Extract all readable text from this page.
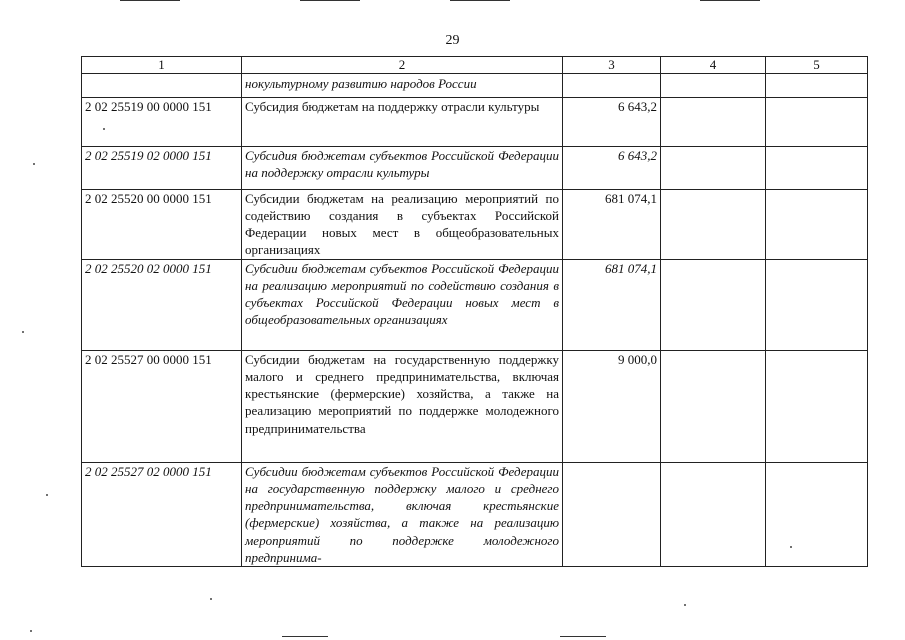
29
1	2	3	4	5
	нокультурному развитию народов России			
2 02 25519 00 0000 151	Субсидия бюджетам на поддержку отрасли культуры	6 643,2		
2 02 25519 02 0000 151	Субсидия бюджетам субъектов Российской Федерации на поддержку отрасли культуры	6 643,2		
2 02 25520 00 0000 151	Субсидии бюджетам на реализацию мероприятий по содействию создания в субъектах Российской Федерации новых мест в общеобразовательных организациях	681 074,1		
2 02 25520 02 0000 151	Субсидии бюджетам субъектов Российской Федерации на реализацию мероприятий по содействию создания в субъектах Российской Федерации новых мест в общеобразовательных организациях	681 074,1		
2 02 25527 00 0000 151	Субсидии бюджетам на государственную поддержку малого и среднего предпринимательства, включая крестьянские (фермерские) хозяйства, а также на реализацию мероприятий по поддержке молодежного предпринимательства	9 000,0		
2 02 25527 02 0000 151	Субсидии бюджетам субъектов Российской Федерации на государственную поддержку малого и среднего предпринимательства, включая крестьянские (фермерские) хозяйства, а также на реализацию мероприятий по поддержке молодежного предпринима-			
